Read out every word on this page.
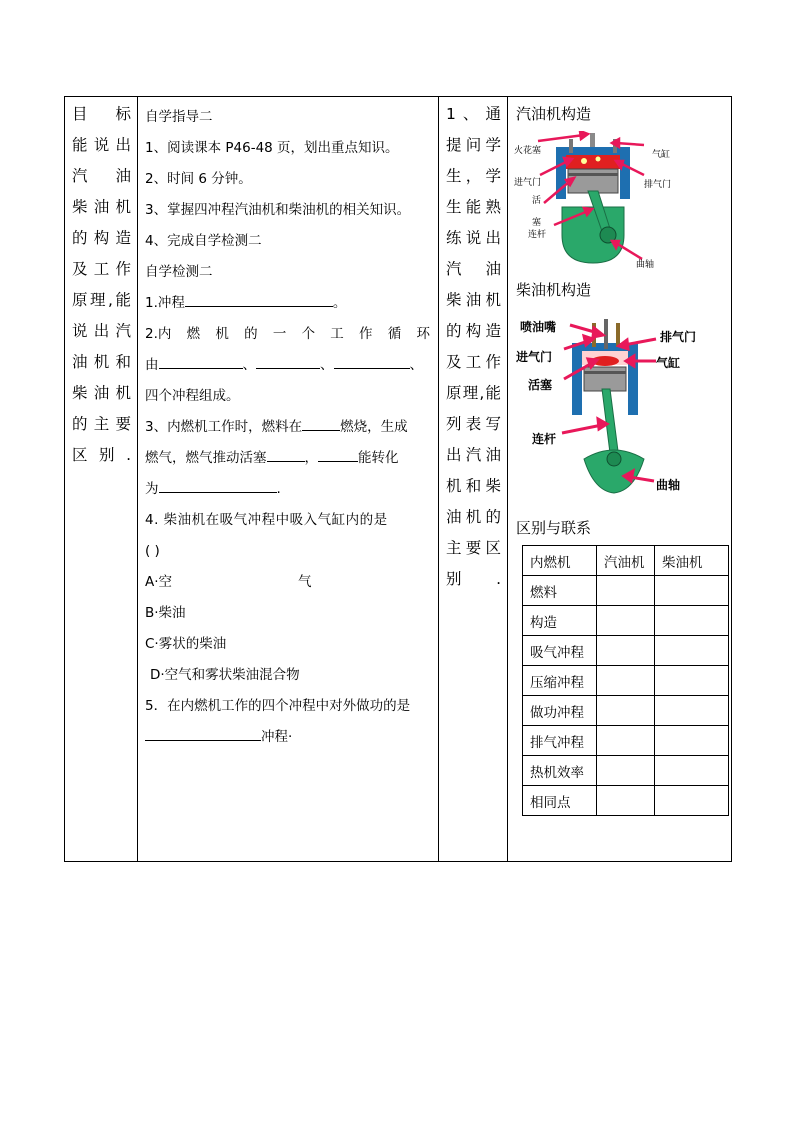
目标
能说出
汽油
柴油机
的构造
及工作
原理,能
说出汽
油机和
柴油机
的主要
区别.
自学指导二
1、阅读课本 P46-48 页，划出重点知识。
2、时间 6 分钟。
3、掌握四冲程汽油机和柴油机的相关知识。
4、完成自学检测二
自学检测二
1.冲程	。
2.内 燃 机 的 一 个 工 作 循 环
由	、	、	、
四个冲程组成。
3、内燃机工作时，燃料在	燃烧，生成
燃气，燃气推动活塞	，	能转化
为	.
4. 柴油机在吸气冲程中吸入气缸内的是
( )
A·空	气
B·柴油
C·雾状的柴油
D·空气和雾状柴油混合物
5．在内燃机工作的四个冲程中对外做功的是
冲程·
1、通
提问学
生，学
生能熟
练说出
汽油
柴油机
的构造
及工作
原理,能
列表写
出汽油
机和柴
油机的
主要区
别.
汽油机构造
火花塞	气缸
进气门	排气门
活
塞
连杆
曲轴
柴油机构造
喷油嘴
排气门
进气门	气缸
活塞
连杆
曲轴
区别与联系
内燃机	汽油机	柴油机
燃料		
构造		
吸气冲程		
压缩冲程		
做功冲程		
排气冲程		
热机效率		
相同点		
